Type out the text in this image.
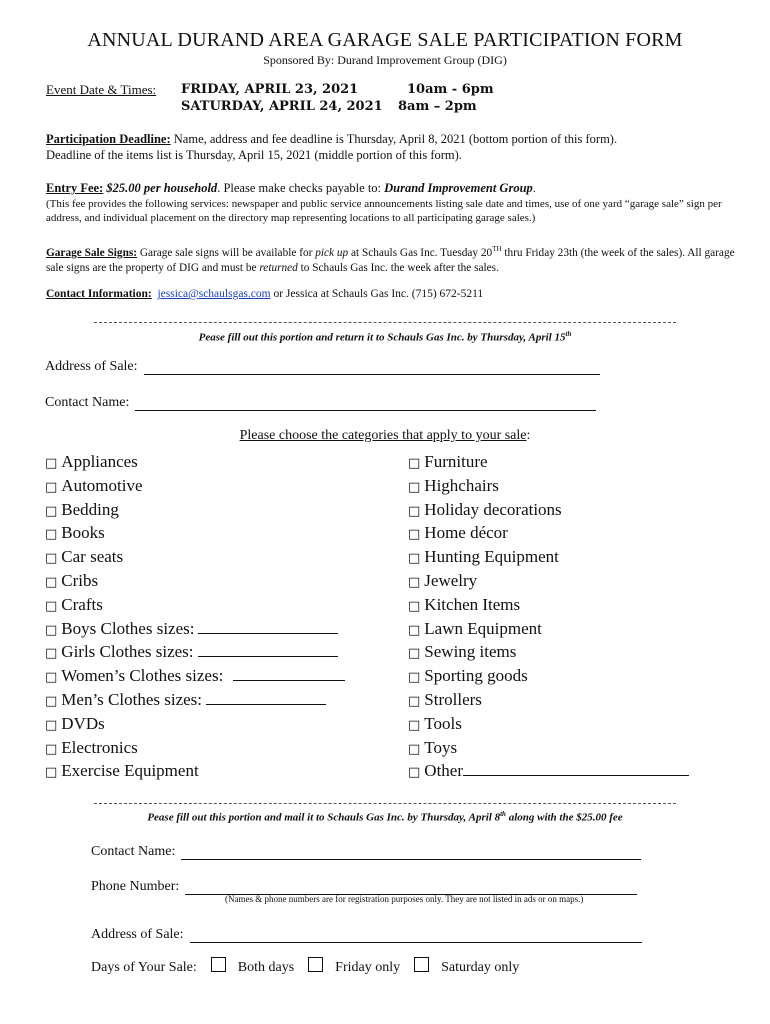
ANNUAL DURAND AREA GARAGE SALE PARTICIPATION FORM
Sponsored By: Durand Improvement Group (DIG)
Event Date & Times: FRIDAY, APRIL 23, 2021	10am - 6pm
SATURDAY, APRIL 24, 2021 8am – 2pm
Participation Deadline: Name, address and fee deadline is Thursday, April 8, 2021 (bottom portion of this form).
Deadline of the items list is Thursday, April 15, 2021 (middle portion of this form).
Entry Fee: $25.00 per household. Please make checks payable to: Durand Improvement Group.
(This fee provides the following services: newspaper and public service announcements listing sale date and times, use of one yard “garage sale” sign per address, and individual placement on the directory map representing locations to all participating garage sales.)
Garage Sale Signs: Garage sale signs will be available for pick up at Schauls Gas Inc. Tuesday 20TH thru Friday 23th (the week of the sales). All garage sale signs are the property of DIG and must be returned to Schauls Gas Inc. the week after the sales.
Contact Information: jessica@schaulsgas.com or Jessica at Schauls Gas Inc. (715) 672-5211
Pease fill out this portion and return it to Schauls Gas Inc. by Thursday, April 15th
Address of Sale:
Contact Name:
Please choose the categories that apply to your sale:
□ Appliances
□ Automotive
□ Bedding
□ Books
□ Car seats
□ Cribs
□ Crafts
□ Boys Clothes sizes:
□ Girls Clothes sizes:
□ Women’s Clothes sizes:
□ Men’s Clothes sizes:
□ DVDs
□ Electronics
□ Exercise Equipment
□ Furniture
□ Highchairs
□ Holiday decorations
□ Home décor
□ Hunting Equipment
□ Jewelry
□ Kitchen Items
□ Lawn Equipment
□ Sewing items
□ Sporting goods
□ Strollers
□ Tools
□ Toys
□ Other
Pease fill out this portion and mail it to Schauls Gas Inc. by Thursday, April 8th along with the $25.00 fee
Contact Name:
Phone Number:
(Names & phone numbers are for registration purposes only. They are not listed in ads or on maps.)
Address of Sale:
Days of Your Sale:	Both days	Friday only	Saturday only
